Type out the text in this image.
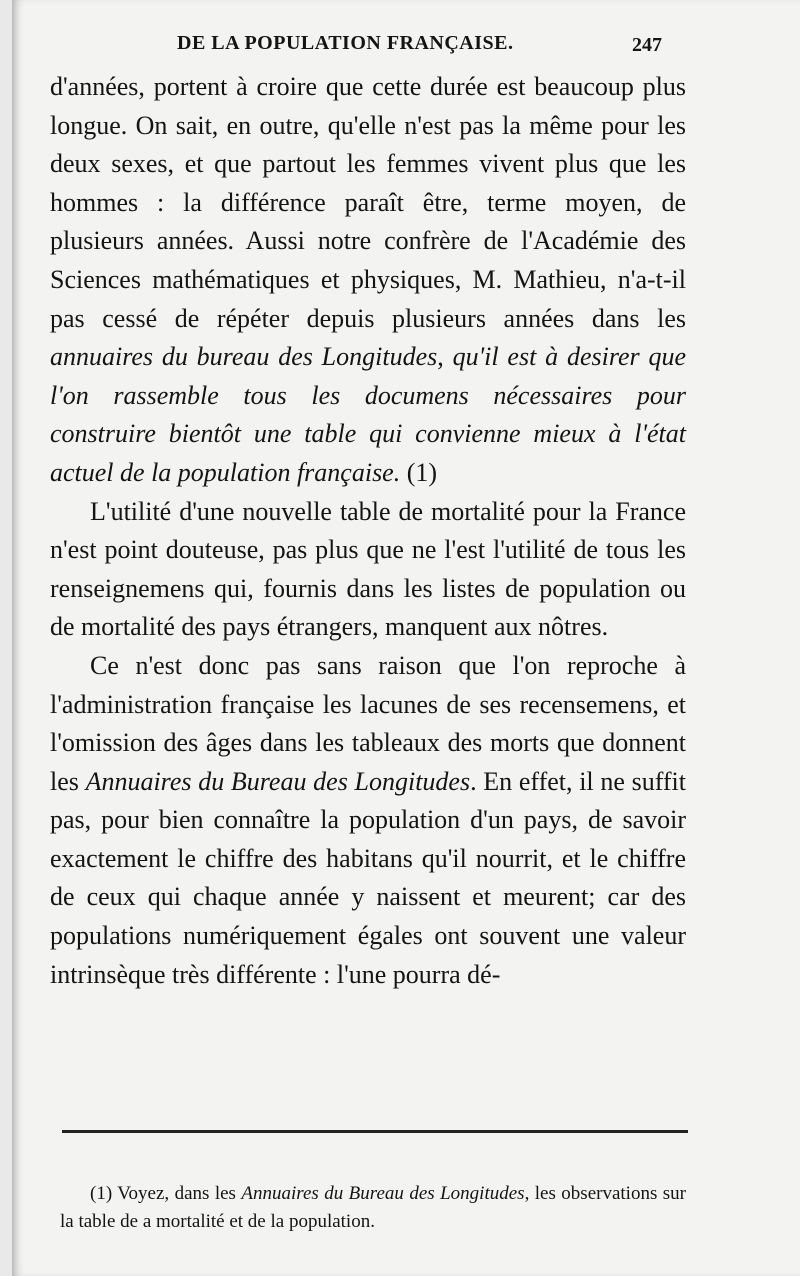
DE LA POPULATION FRANÇAISE.	247

d'années, portent à croire que cette durée est beaucoup plus longue. On sait, en outre, qu'elle n'est pas la même pour les deux sexes, et que partout les femmes vivent plus que les hommes : la différence paraît être, terme moyen, de plusieurs années. Aussi notre confrère de l'Académie des Sciences mathématiques et physiques, M. Mathieu, n'a-t-il pas cessé de répéter depuis plusieurs années dans les annuaires du bureau des Longitudes, qu'il est à desirer que l'on rassemble tous les documens nécessaires pour construire bientôt une table qui convienne mieux à l'état actuel de la population française. (1)

L'utilité d'une nouvelle table de mortalité pour la France n'est point douteuse, pas plus que ne l'est l'utilité de tous les renseignemens qui, fournis dans les listes de population ou de mortalité des pays étrangers, manquent aux nôtres.

Ce n'est donc pas sans raison que l'on reproche à l'administration française les lacunes de ses recensemens, et l'omission des âges dans les tableaux des morts que donnent les Annuaires du Bureau des Longitudes. En effet, il ne suffit pas, pour bien connaître la population d'un pays, de savoir exactement le chiffre des habitans qu'il nourrit, et le chiffre de ceux qui chaque année y naissent et meurent; car des populations numériquement égales ont souvent une valeur intrinsèque très différente : l'une pourra dé-

(1) Voyez, dans les Annuaires du Bureau des Longitudes, les observations sur la table de a mortalité et de la population.
